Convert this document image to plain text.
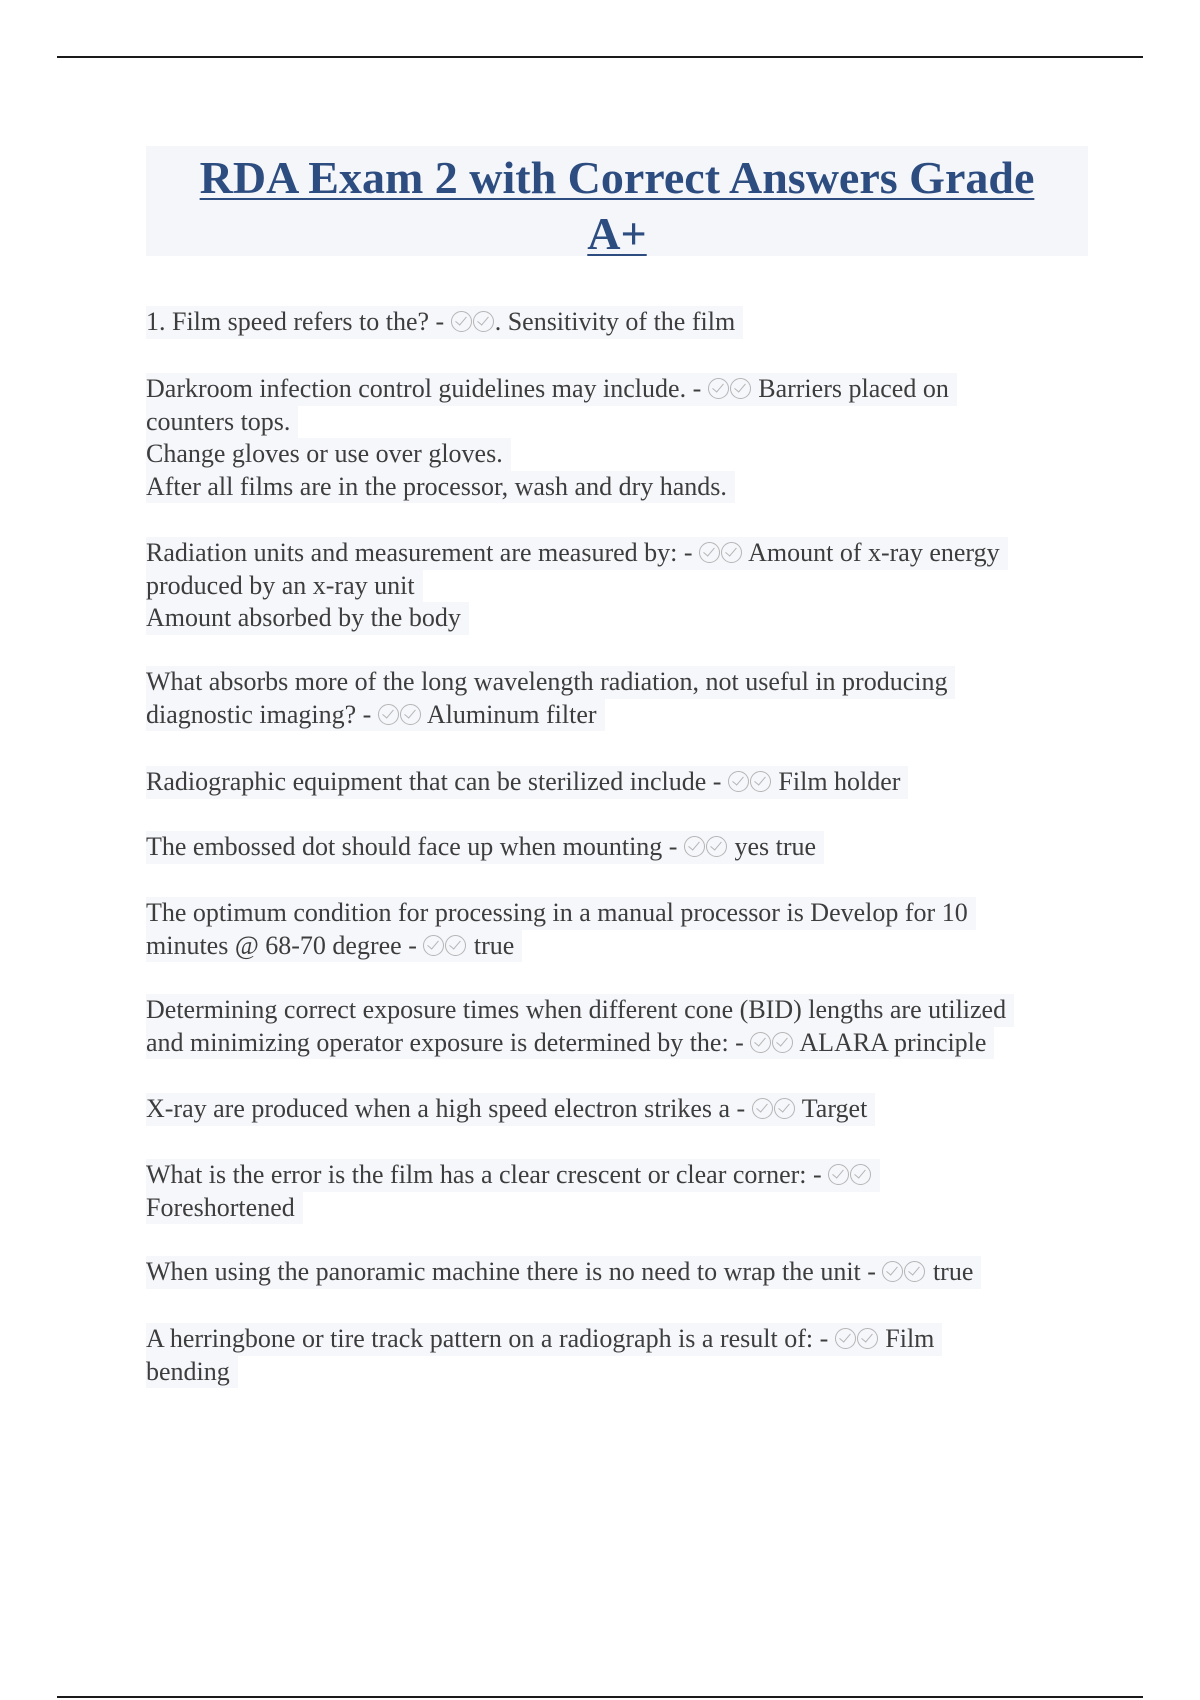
RDA Exam 2 with Correct Answers Grade
A+

1. Film speed refers to the? - . Sensitivity of the film

Darkroom infection control guidelines may include. -  Barriers placed on
counters tops.
Change gloves or use over gloves.
After all films are in the processor, wash and dry hands.

Radiation units and measurement are measured by: -  Amount of x-ray energy
produced by an x-ray unit
Amount absorbed by the body

What absorbs more of the long wavelength radiation, not useful in producing
diagnostic imaging? -  Aluminum filter

Radiographic equipment that can be sterilized include -  Film holder

The embossed dot should face up when mounting -  yes true

The optimum condition for processing in a manual processor is Develop for 10
minutes @ 68-70 degree -  true

Determining correct exposure times when different cone (BID) lengths are utilized
and minimizing operator exposure is determined by the: -  ALARA principle

X-ray are produced when a high speed electron strikes a -  Target

What is the error is the film has a clear crescent or clear corner: -
Foreshortened

When using the panoramic machine there is no need to wrap the unit -  true

A herringbone or tire track pattern on a radiograph is a result of: -  Film
bending
